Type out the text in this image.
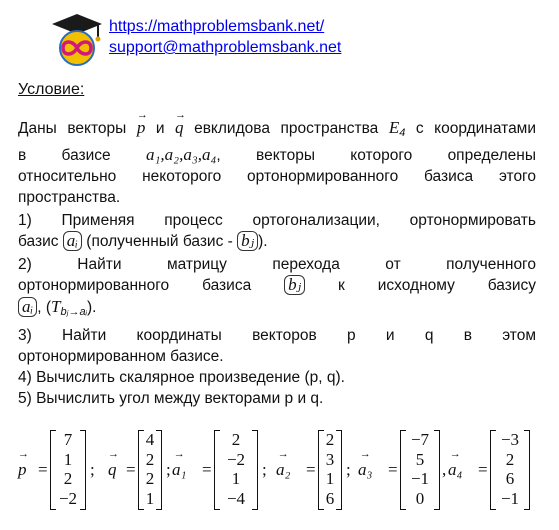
https://mathproblemsbank.net/
support@mathproblemsbank.net
Условие:
Даны векторы → p и → q евклидова пространства $E_4$ с координатами
в базисе a₁,a₂,a₃,a₄, векторы которого определены
относительно некоторого ортонормированного базиса этого
пространства.
1) Применяя процесс ортогонализации, ортонормировать
базис aᵢ (полученный базис - bⱼ ).
2) Найти матрицу перехода от полученного
ортонормированного базиса bⱼ к исходному базису
aᵢ , $(T_{bⱼ\to aᵢ})$.
3) Найти координаты векторов p и q в этом
ортонормированном базисе.
4) Вычислить скалярное произведение (p, q).
5) Вычислить угол между векторами p и q.
→ p =
7
1
2
−2
; → q =
4
2
2
1
; → a₁ =
2
−2
1
−4
; → a₂ =
2
3
1
6
; → a₃ =
−7
5
−1
0
, → a₄ =
−3
2
6
−1
